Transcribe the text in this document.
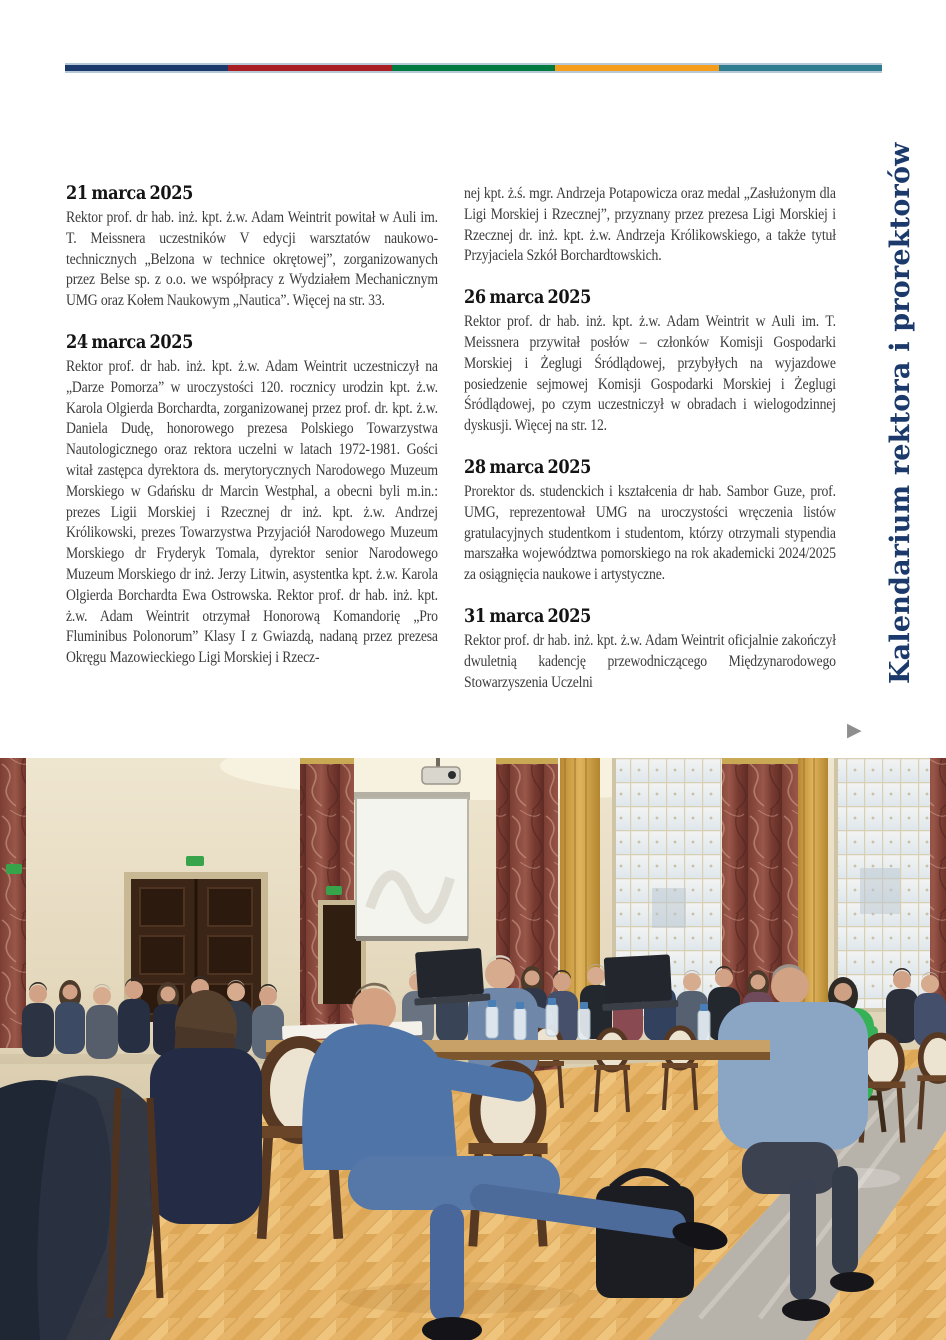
21 marca 2025

Rektor prof. dr hab. inż. kpt. ż.w. Adam Weintrit powitał w Auli im. T. Meissnera uczestników V edycji warsztatów naukowo-technicznych „Belzona w technice okrętowej”, zorganizowanych przez Belse sp. z o.o. we współpracy z Wydziałem Mechanicznym UMG oraz Kołem Naukowym „Nautica”. Więcej na str. 33.

24 marca 2025

Rektor prof. dr hab. inż. kpt. ż.w. Adam Weintrit uczestniczył na „Darze Pomorza” w uroczystości 120. rocznicy urodzin kpt. ż.w. Karola Olgierda Borchardta, zorganizowanej przez prof. dr. kpt. ż.w. Daniela Dudę, honorowego prezesa Polskiego Towarzystwa Nautologicznego oraz rektora uczelni w latach 1972-1981. Gości witał zastępca dyrektora ds. merytorycznych Narodowego Muzeum Morskiego w Gdańsku dr Marcin Westphal, a obecni byli m.in.: prezes Ligii Morskiej i Rzecznej dr inż. kpt. ż.w. Andrzej Królikowski, prezes Towarzystwa Przyjaciół Narodowego Muzeum Morskiego dr Fryderyk Tomala, dyrektor senior Narodowego Muzeum Morskiego dr inż. Jerzy Litwin, asystentka kpt. ż.w. Karola Olgierda Borchardta Ewa Ostrowska. Rektor prof. dr hab. inż. kpt. ż.w. Adam Weintrit otrzymał Honorową Komandorię „Pro Fluminibus Polonorum” Klasy I z Gwiazdą, nadaną przez prezesa Okręgu Mazowieckiego Ligi Morskiej i Rzecz-

nej kpt. ż.ś. mgr. Andrzeja Potapowicza oraz medal „Zasłużonym dla Ligi Morskiej i Rzecznej”, przyznany przez prezesa Ligi Morskiej i Rzecznej dr. inż. kpt. ż.w. Andrzeja Królikowskiego, a także tytuł Przyjaciela Szkół Borchardtowskich.

26 marca 2025

Rektor prof. dr hab. inż. kpt. ż.w. Adam Weintrit w Auli im. T. Meissnera przywitał posłów – członków Komisji Gospodarki Morskiej i Żeglugi Śródlądowej, przybyłych na wyjazdowe posiedzenie sejmowej Komisji Gospodarki Morskiej i Żeglugi Śródlądowej, po czym uczestniczył w obradach i wielogodzinnej dyskusji. Więcej na str. 12.

28 marca 2025

Prorektor ds. studenckich i kształcenia dr hab. Sambor Guze, prof. UMG, reprezentował UMG na uroczystości wręczenia listów gratulacyjnych studentkom i studentom, którzy otrzymali stypendia marszałka województwa pomorskiego na rok akademicki 2024/2025 za osiągnięcia naukowe i artystyczne.

31 marca 2025

Rektor prof. dr hab. inż. kpt. ż.w. Adam Weintrit oficjalnie zakończył dwuletnią kadencję przewodniczącego Międzynarodowego Stowarzyszenia Uczelni	Kalendarium rektora i prorektorów
▶
